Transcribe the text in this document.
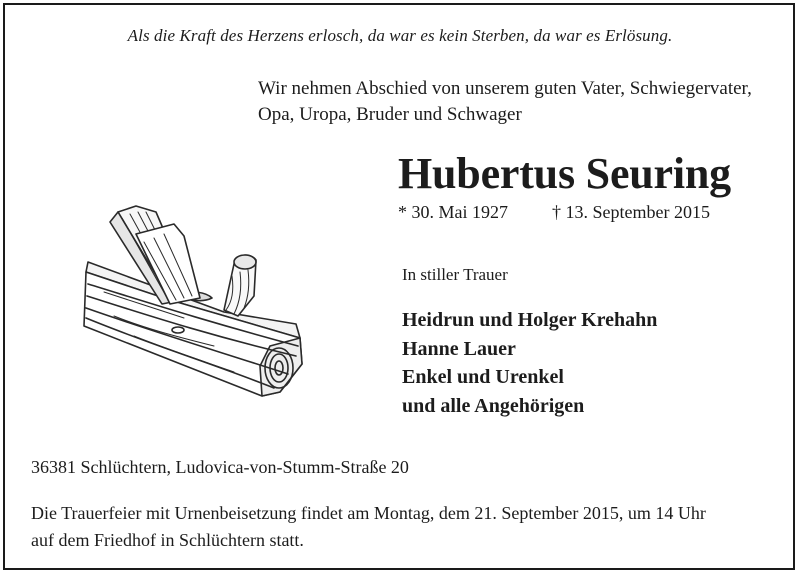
Als die Kraft des Herzens erlosch, da war es kein Sterben, da war es Erlösung.
Wir nehmen Abschied von unserem guten Vater, Schwiegervater,
Opa, Uropa, Bruder und Schwager
Hubertus Seuring
* 30. Mai 1927 † 13. September 2015
In stiller Trauer
Heidrun und Holger Krehahn
Hanne Lauer
Enkel und Urenkel
und alle Angehörigen
36381 Schlüchtern, Ludovica-von-Stumm-Straße 20
Die Trauerfeier mit Urnenbeisetzung findet am Montag, dem 21. September 2015, um 14 Uhr
auf dem Friedhof in Schlüchtern statt.
